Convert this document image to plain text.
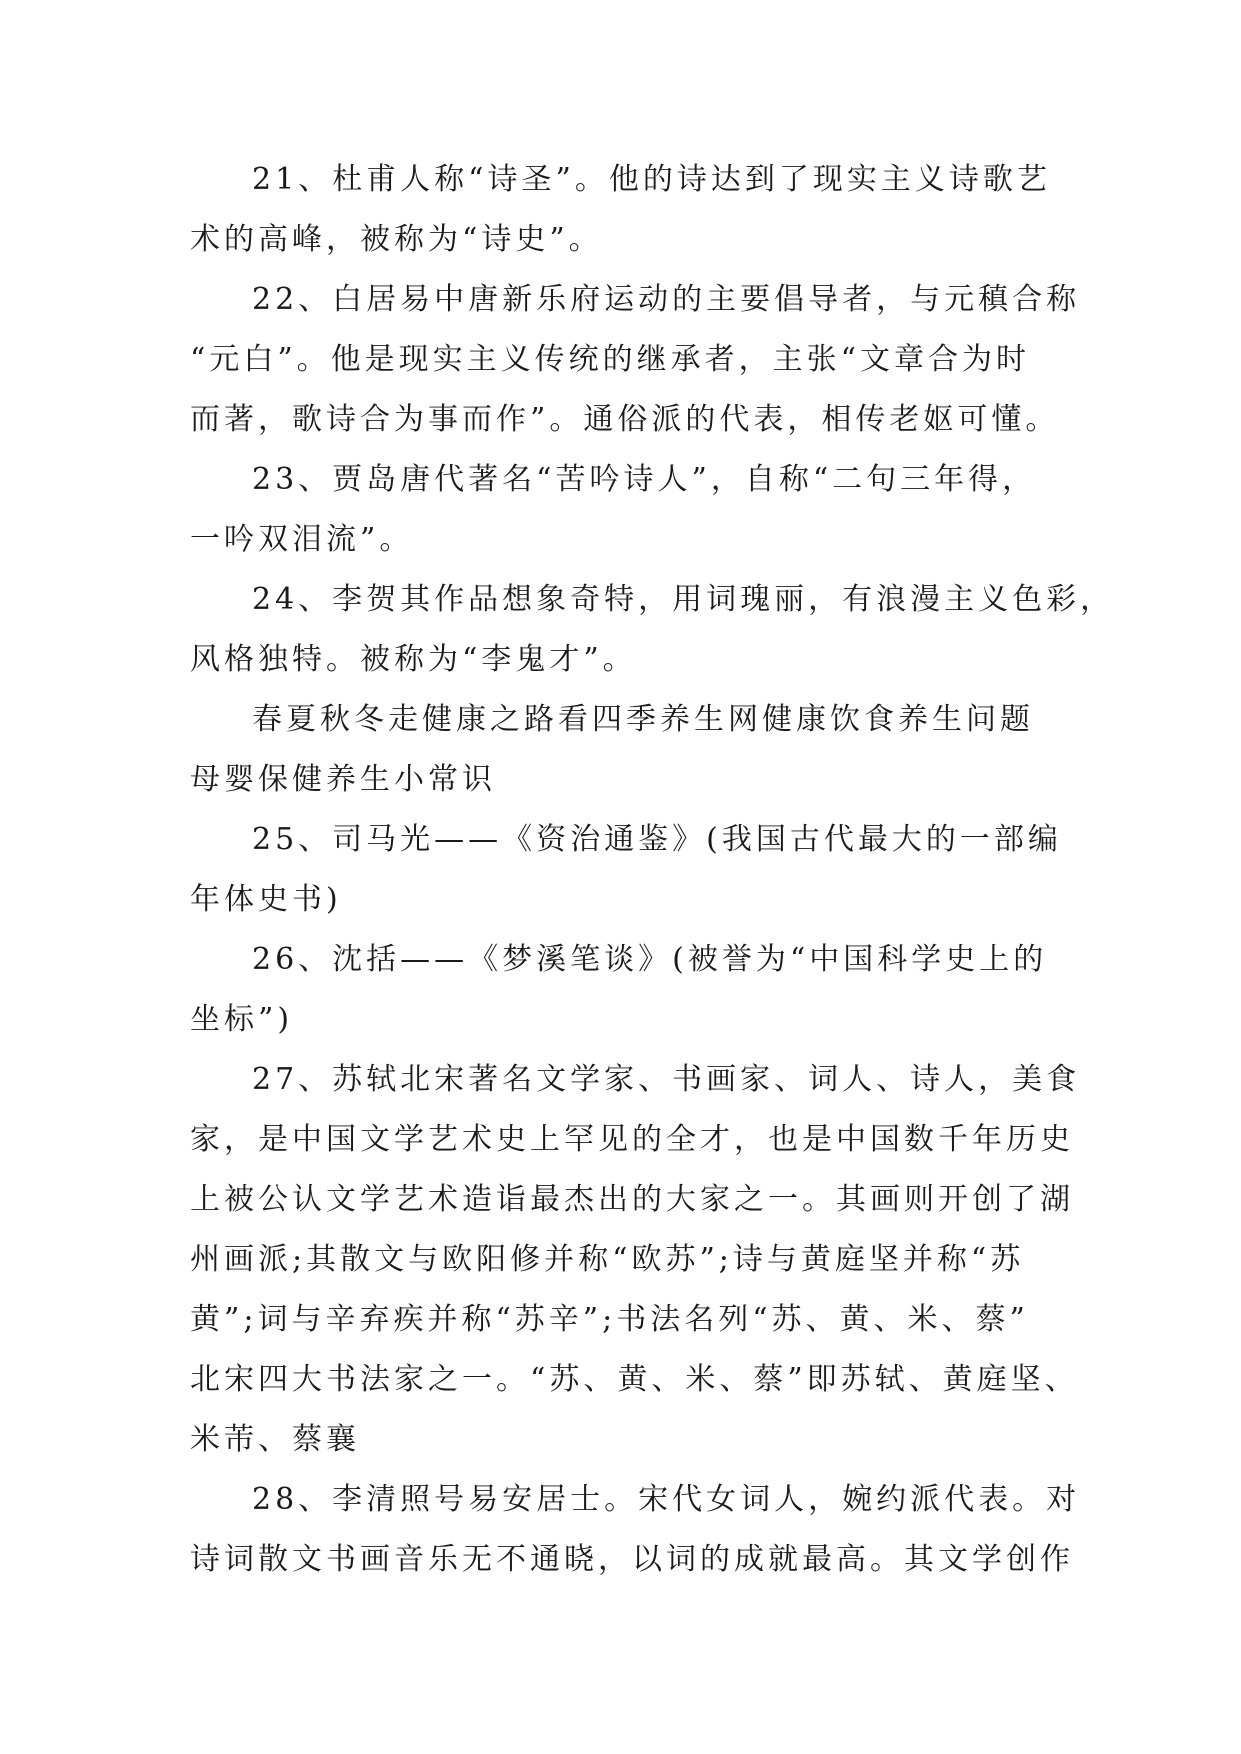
21、杜甫人称“诗圣”。他的诗达到了现实主义诗歌艺
术的高峰，被称为“诗史”。

22、白居易中唐新乐府运动的主要倡导者，与元稹合称
“元白”。他是现实主义传统的继承者，主张“文章合为时
而著，歌诗合为事而作”。通俗派的代表，相传老妪可懂。

23、贾岛唐代著名“苦吟诗人”，自称“二句三年得，
一吟双泪流”。

24、李贺其作品想象奇特，用词瑰丽，有浪漫主义色彩，
风格独特。被称为“李鬼才”。

春夏秋冬走健康之路看四季养生网健康饮食养生问题
母婴保健养生小常识

25、司马光——《资治通鉴》(我国古代最大的一部编
年体史书)

26、沈括——《梦溪笔谈》(被誉为“中国科学史上的
坐标”)

27、苏轼北宋著名文学家、书画家、词人、诗人，美食
家，是中国文学艺术史上罕见的全才，也是中国数千年历史
上被公认文学艺术造诣最杰出的大家之一。其画则开创了湖
州画派;其散文与欧阳修并称“欧苏”;诗与黄庭坚并称“苏
黄”;词与辛弃疾并称“苏辛”;书法名列“苏、黄、米、蔡”
北宋四大书法家之一。“苏、黄、米、蔡”即苏轼、黄庭坚、
米芾、蔡襄

28、李清照号易安居士。宋代女词人，婉约派代表。对
诗词散文书画音乐无不通晓，以词的成就最高。其文学创作
